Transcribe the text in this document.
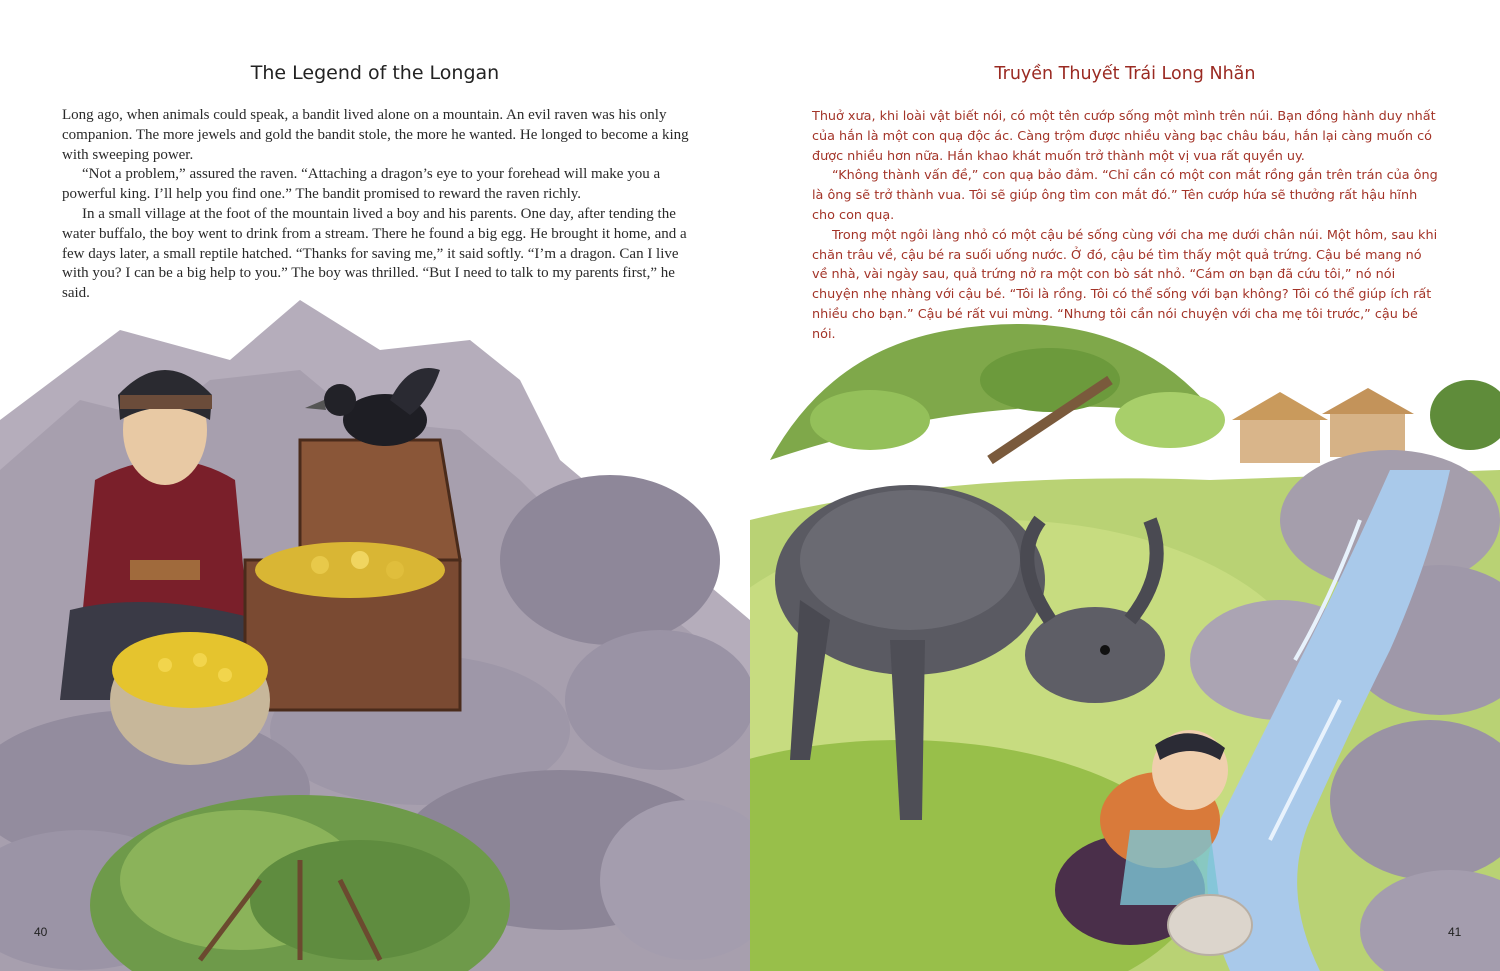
The Legend of the Longan

Long ago, when animals could speak, a bandit lived alone on a mountain. An evil raven was his only companion. The more jewels and gold the bandit stole, the more he wanted. He longed to become a king with sweeping power.

“Not a problem,” assured the raven. “Attaching a dragon’s eye to your forehead will make you a powerful king. I’ll help you find one.” The bandit promised to reward the raven richly.

In a small village at the foot of the mountain lived a boy and his parents. One day, after tending the water buffalo, the boy went to drink from a stream. There he found a big egg. He brought it home, and a few days later, a small reptile hatched. “Thanks for saving me,” it said softly. “I’m a dragon. Can I live with you? I can be a big help to you.” The boy was thrilled. “But I need to talk to my parents first,” he said.

40
Truyền Thuyết Trái Long Nhãn

Thuở xưa, khi loài vật biết nói, có một tên cướp sống một mình trên núi. Bạn đồng hành duy nhất của hắn là một con quạ độc ác. Càng trộm được nhiều vàng bạc châu báu, hắn lại càng muốn có được nhiều hơn nữa. Hắn khao khát muốn trở thành một vị vua rất quyền uy.

“Không thành vấn đề,” con quạ bảo đảm. “Chỉ cần có một con mắt rồng gắn trên trán của ông là ông sẽ trở thành vua. Tôi sẽ giúp ông tìm con mắt đó.” Tên cướp hứa sẽ thưởng rất hậu hĩnh cho con quạ.

Trong một ngôi làng nhỏ có một cậu bé sống cùng với cha mẹ dưới chân núi. Một hôm, sau khi chăn trâu về, cậu bé ra suối uống nước. Ở đó, cậu bé tìm thấy một quả trứng. Cậu bé mang nó về nhà, vài ngày sau, quả trứng nở ra một con bò sát nhỏ. “Cám ơn bạn đã cứu tôi,” nó nói chuyện nhẹ nhàng với cậu bé. “Tôi là rồng. Tôi có thể sống với bạn không? Tôi có thể giúp ích rất nhiều cho bạn.” Cậu bé rất vui mừng. “Nhưng tôi cần nói chuyện với cha mẹ tôi trước,” cậu bé nói.

41
